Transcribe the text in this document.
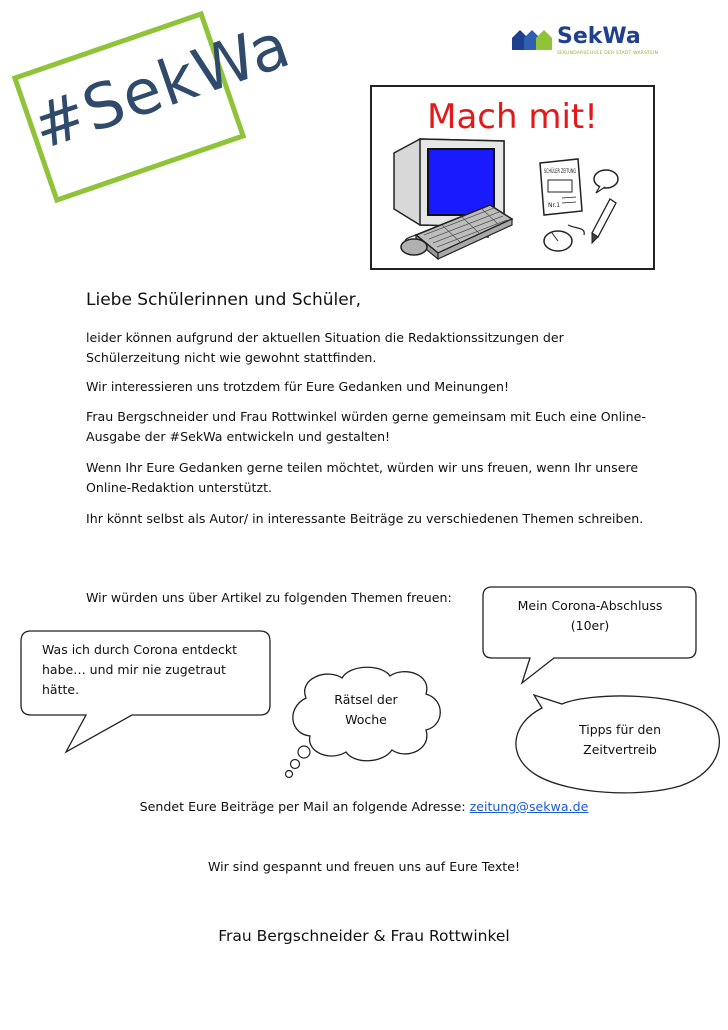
SekWa
SEKUNDARSCHULE DER STADT WARSTEIN
#SekWa	Mach mit!
SCHÜLER ZEITUNG
Nr.1
Liebe Schülerinnen und Schüler,

leider können aufgrund der aktuellen Situation die Redaktionssitzungen der Schülerzeitung nicht wie gewohnt stattfinden.

Wir interessieren uns trotzdem für Eure Gedanken und Meinungen!

Frau Bergschneider und Frau Rottwinkel würden gerne gemeinsam mit Euch eine Online-Ausgabe der #SekWa entwickeln und gestalten!

Wenn Ihr Eure Gedanken gerne teilen möchtet, würden wir uns freuen, wenn Ihr unsere Online-Redaktion unterstützt.

Ihr könnt selbst als Autor/ in interessante Beiträge zu verschiedenen Themen schreiben.

Wir würden uns über Artikel zu folgenden Themen freuen:
Mein Corona-Abschluss
(10er)
Was ich durch Corona entdeckt
habe… und mir nie zugetraut
hätte.
Rätsel der
Woche
Tipps für den
Zeitvertreib
Sendet Eure Beiträge per Mail an folgende Adresse: zeitung@sekwa.de
Wir sind gespannt und freuen uns auf Eure Texte!
Frau Bergschneider & Frau Rottwinkel
